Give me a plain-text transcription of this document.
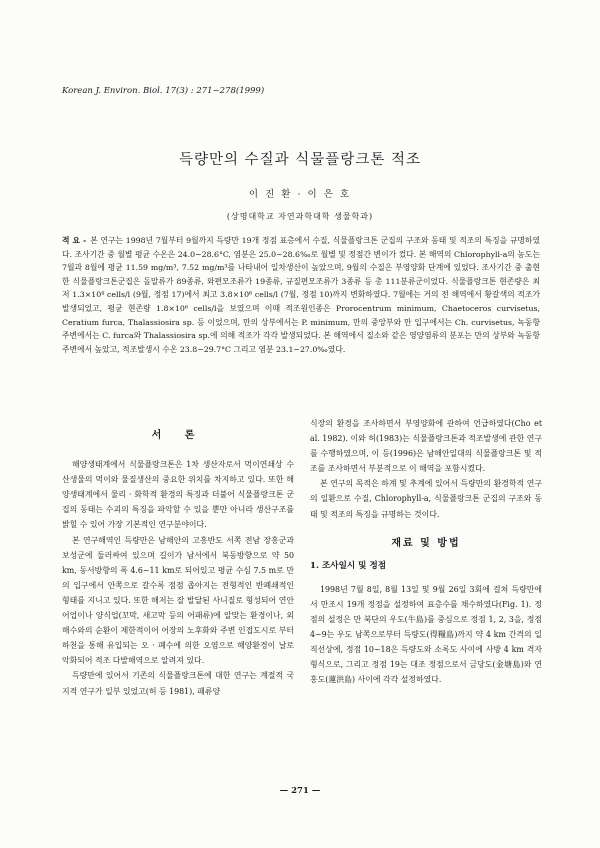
Korean J. Environ. Biol. 17(3) : 271~278(1999)
득량만의 수질과 식물플랑크톤 적조
이 진 환 · 이 은 호
(상명대학교 자연과학대학 생물학과)

적 요 - 본 연구는 1998년 7월부터 9월까지 득량만 19개 정점 표층에서 수질, 식물플랑크톤 군집의 구조와 동태 및 적조의 특징을 규명하였다. 조사기간 중 월별 평균 수온은 24.0~28.6°C, 염분은 25.0~28.6‰로 월별 및 정점간 변이가 컸다. 본 해역의 Chlorophyll-a의 농도는 7월과 8월에 평균 11.59 mg/m³, 7.52 mg/m³를 나타내어 일차생산이 높았으며, 9월의 수질은 부영양화 단계에 있었다. 조사기간 중 출현한 식물플랑크톤군집은 돌말류가 89종류, 와편모조류가 19종류, 규질편모조류가 3종류 등 총 111분류군이었다. 식물플랑크톤 현존량은 최저 1.3×10⁴ cells/l (9월, 정점 17)에서 최고 3.8×10⁶ cells/l (7월, 정점 10)까지 변화하였다. 7월에는 거의 전 해역에서 황갈색의 적조가 발생되었고, 평균 현존량 1.8×10⁶ cells/l을 보였으며 이때 적조원인종은 Prorocentrum minimum, Chaetoceros curvisetus, Ceratium furca, Thalassiosira sp. 등 이었으며, 만의 상부에서는 P. minimum, 만의 중앙부와 만 입구에서는 Ch. curvisetus, 녹동항 주변에서는 C. furca와 Thalassiosira sp.에 의해 적조가 각각 발생되었다. 본 해역에서 질소와 같은 영양염류의 분포는 만의 상부와 녹동항 주변에서 높았고, 적조발생시 수온 23.8~29.7°C 그리고 염분 23.1~27.0‰였다.

서 론

해양생태계에서 식물플랑크톤은 1차 생산자로서 먹이연쇄상 수산생물의 먹이와 물질생산의 중요한 위치를 차지하고 있다. 또한 해양생태계에서 물리 · 화학적 환경의 특징과 더불어 식물플랑크톤 군집의 동태는 수괴의 특징을 파악할 수 있을 뿐만 아니라 생산구조를 밝힐 수 있어 가장 기본적인 연구분야이다.

본 연구해역인 득량만은 남해안의 고흥반도 서쪽 전남 장흥군과 보성군에 둘러싸여 있으며 길이가 남서에서 북동방향으로 약 50 km, 동서방향의 폭 4.6~11 km로 되어있고 평균 수심 7.5 m로 만의 입구에서 안쪽으로 갈수록 점점 좁아지는 전형적인 반폐쇄적인 형태를 지니고 있다. 또한 해저는 잘 발달된 사니질로 형성되어 연안어업이나 양식업(꼬막, 새고막 등의 어패류)에 알맞는 환경이나, 외해수와의 순환이 제한적이어 어장의 노후화와 주변 인접도시로 부터 하천을 통해 유입되는 오 · 폐수에 의한 오염으로 해양환경이 날로 악화되어 적조 다발해역으로 알려져 있다.

득량만에 있어서 기존의 식물플랑크톤에 대한 연구는 계절적 국지적 연구가 일부 있었고(허 등 1981), 패류양

식장의 환경을 조사하면서 부영양화에 관하여 언급하였다(Cho et al. 1982). 이와 허(1983)는 식물플랑크톤과 적조발생에 관한 연구를 수행하였으며, 이 등(1996)은 남해안일대의 식물플랑크톤 및 적조를 조사하면서 부분적으로 이 해역을 포함시켰다.

본 연구의 목적은 하계 및 추계에 있어서 득량만의 환경학적 연구의 일환으로 수질, Chlorophyll-a, 식물플랑크톤 군집의 구조와 동태 및 적조의 특징을 규명하는 것이다.

재료 및 방법
1. 조사일시 및 정점

1998년 7월 8일, 8월 13일 및 9월 26일 3회에 걸쳐 득량만에서 만조시 19개 정점을 설정하여 표층수를 채수하였다(Fig. 1). 정점의 설정은 만 북단의 우도(牛島)를 중심으로 정점 1, 2, 3을, 정점 4~9는 우도 남쪽으로부터 득량도(得糧島)까지 약 4 km 간격의 일직선상에, 정점 10~18은 득량도와 소록도 사이에 사방 4 km 격자형식으로, 그리고 정점 19는 대조 정점으로서 금당도(金塘島)와 연홍도(蓮洪島) 사이에 각각 설정하였다.

— 271 —
